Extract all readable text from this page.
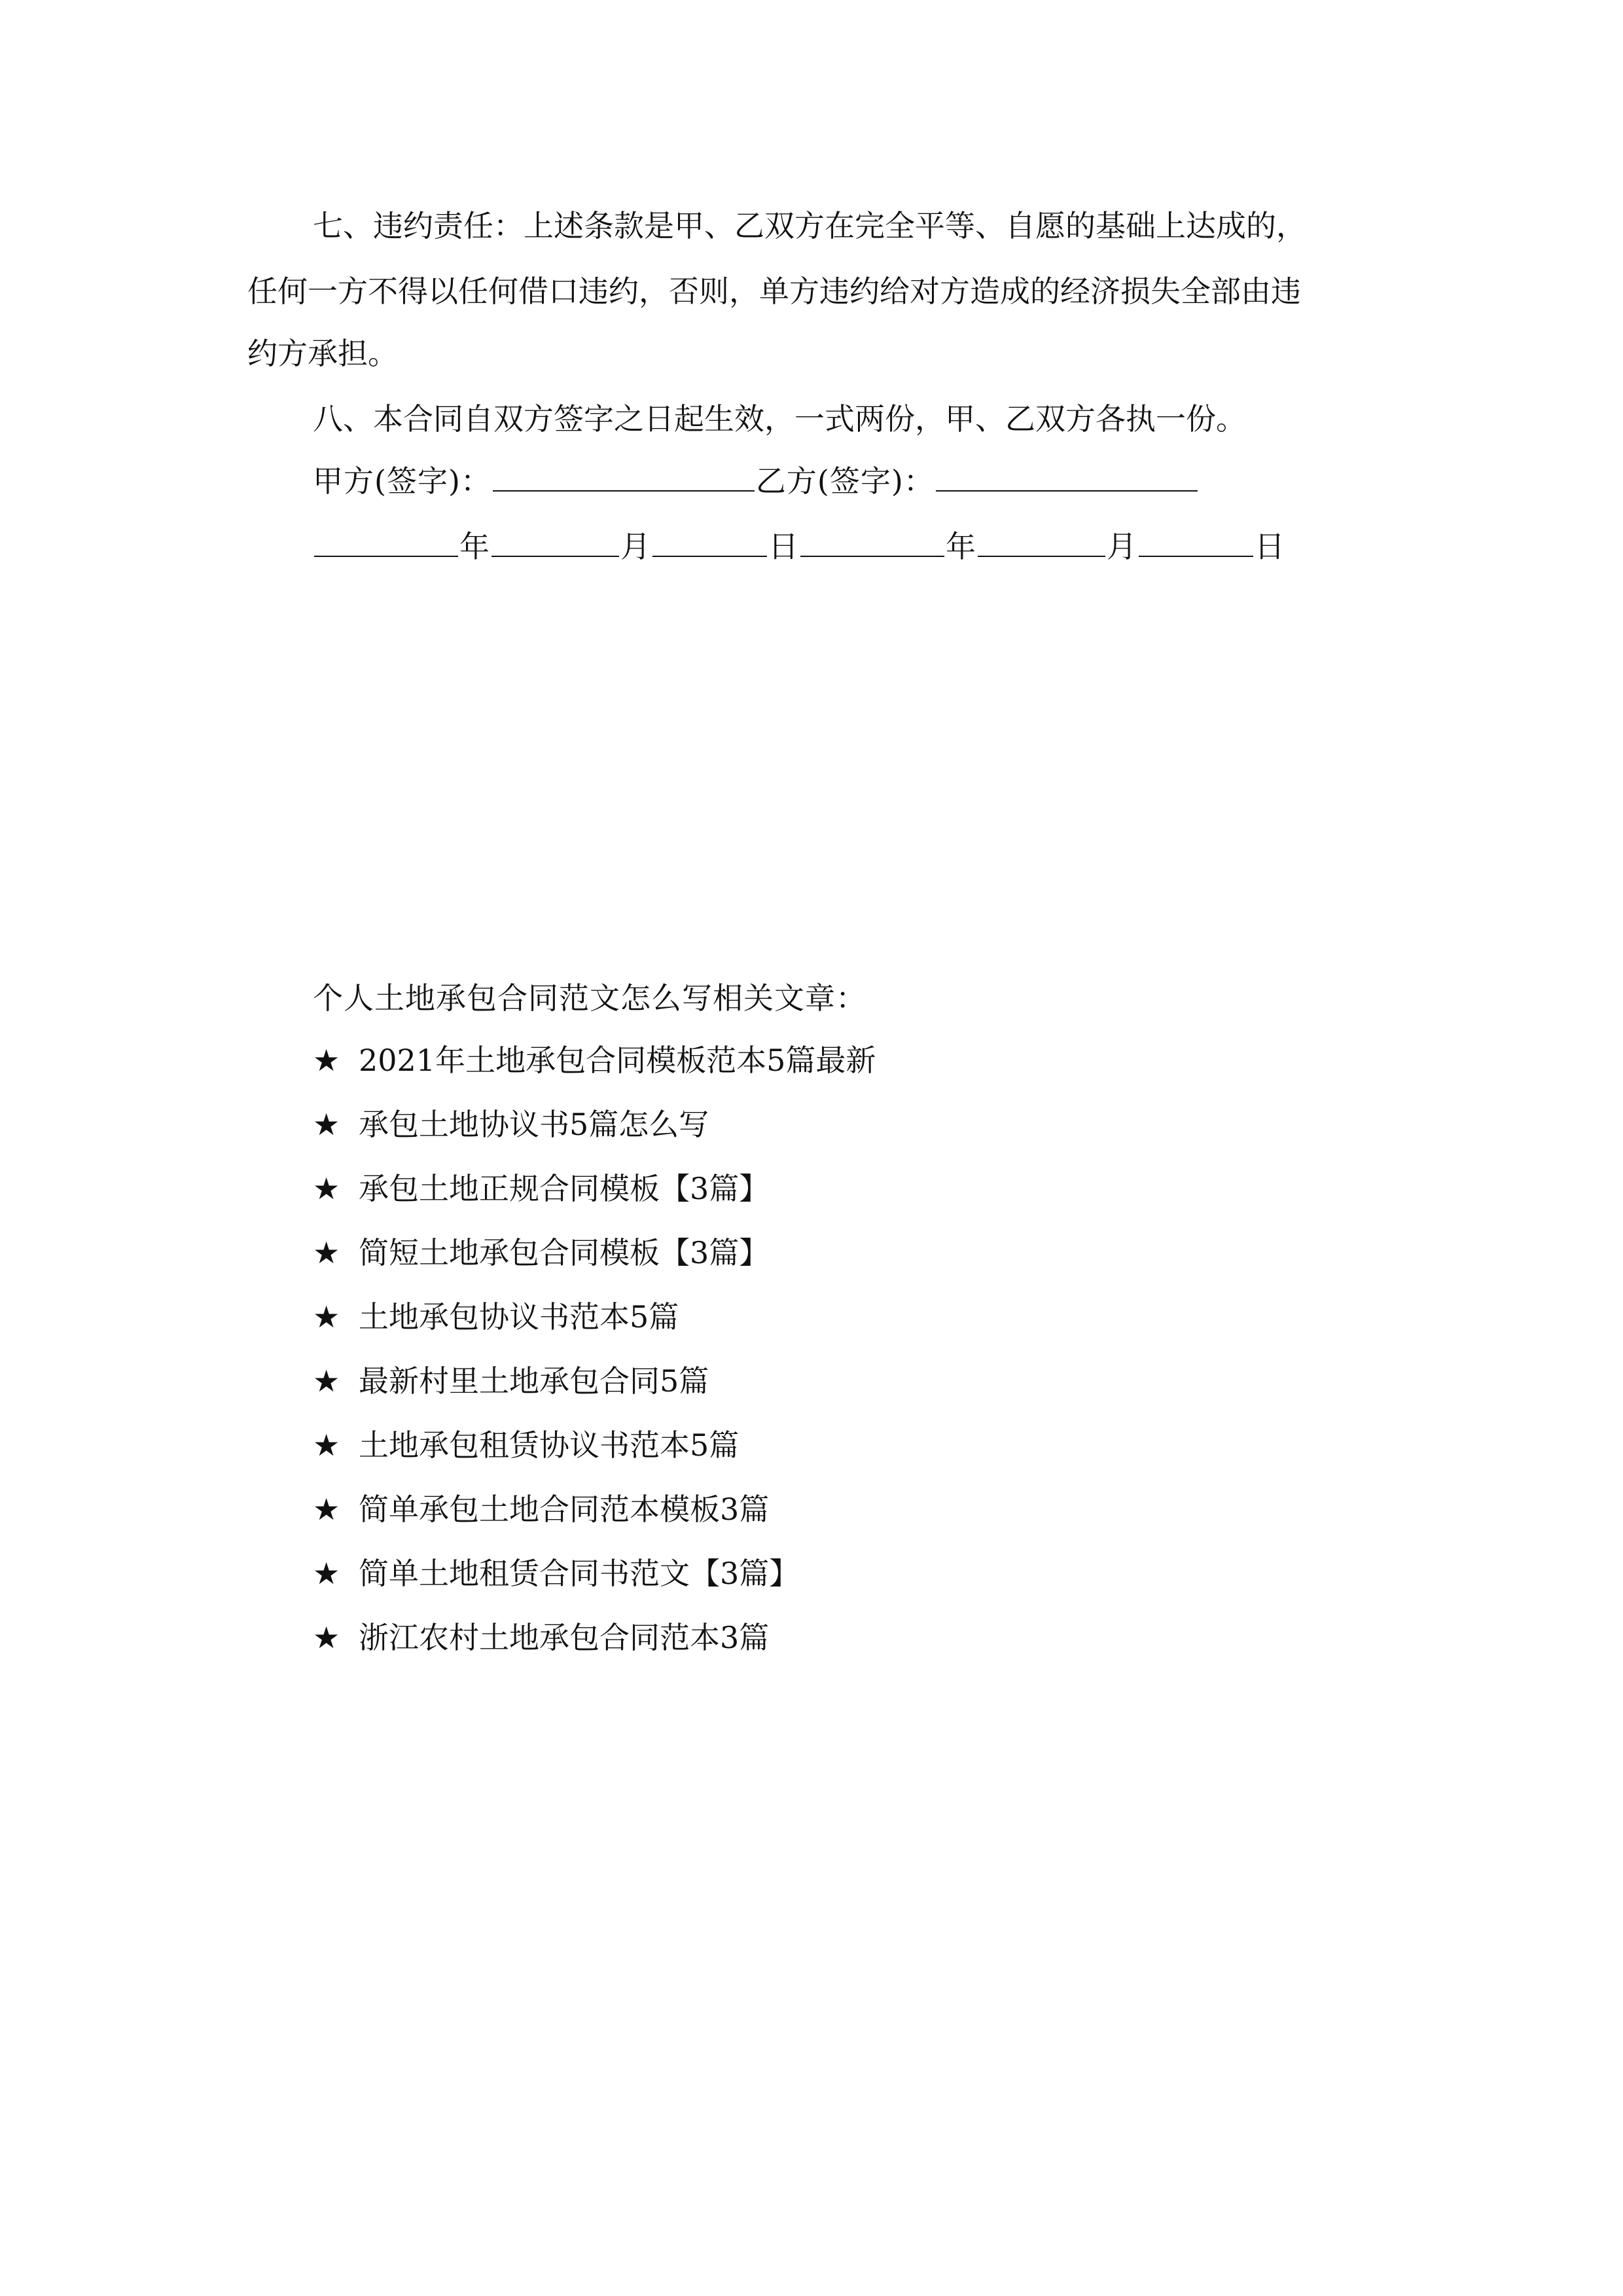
七、违约责任：上述条款是甲、乙双方在完全平等、自愿的基础上达成的，
任何一方不得以任何借口违约，否则，单方违约给对方造成的经济损失全部由违
约方承担。
八、本合同自双方签字之日起生效，一式两份，甲、乙双方各执一份。
甲方(签字)：	乙方(签字)：
年	月	日	年	月	日
个人土地承包合同范文怎么写相关文章：
★ 2021年土地承包合同模板范本5篇最新
★ 承包土地协议书5篇怎么写
★ 承包土地正规合同模板【3篇】
★ 简短土地承包合同模板【3篇】
★ 土地承包协议书范本5篇
★ 最新村里土地承包合同5篇
★ 土地承包租赁协议书范本5篇
★ 简单承包土地合同范本模板3篇
★ 简单土地租赁合同书范文【3篇】
★ 浙江农村土地承包合同范本3篇
